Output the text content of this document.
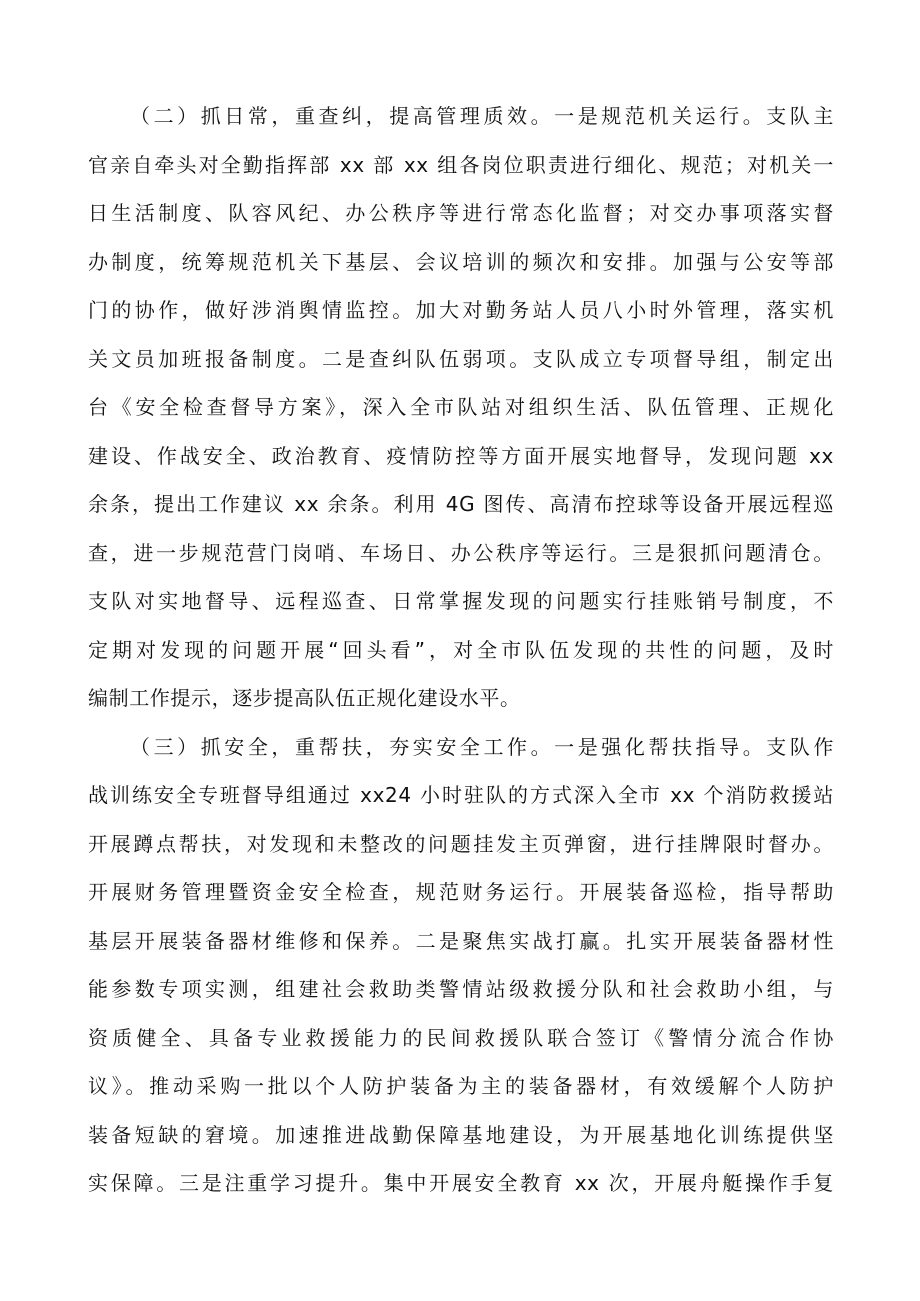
（二）抓日常，重查纠，提高管理质效。一是规范机关运行。支队主
官亲自牵头对全勤指挥部 xx 部 xx 组各岗位职责进行细化、规范；对机关一
日生活制度、队容风纪、办公秩序等进行常态化监督；对交办事项落实督
办制度，统筹规范机关下基层、会议培训的频次和安排。加强与公安等部
门的协作，做好涉消舆情监控。加大对勤务站人员八小时外管理，落实机
关文员加班报备制度。二是查纠队伍弱项。支队成立专项督导组，制定出
台《安全检查督导方案》，深入全市队站对组织生活、队伍管理、正规化
建设、作战安全、政治教育、疫情防控等方面开展实地督导，发现问题 xx
余条，提出工作建议 xx 余条。利用 4G 图传、高清布控球等设备开展远程巡
查，进一步规范营门岗哨、车场日、办公秩序等运行。三是狠抓问题清仓。
支队对实地督导、远程巡查、日常掌握发现的问题实行挂账销号制度，不
定期对发现的问题开展“回头看”，对全市队伍发现的共性的问题，及时
编制工作提示，逐步提高队伍正规化建设水平。
（三）抓安全，重帮扶，夯实安全工作。一是强化帮扶指导。支队作
战训练安全专班督导组通过 xx24 小时驻队的方式深入全市 xx 个消防救援站
开展蹲点帮扶，对发现和未整改的问题挂发主页弹窗，进行挂牌限时督办。
开展财务管理暨资金安全检查，规范财务运行。开展装备巡检，指导帮助
基层开展装备器材维修和保养。二是聚焦实战打赢。扎实开展装备器材性
能参数专项实测，组建社会救助类警情站级救援分队和社会救助小组，与
资质健全、具备专业救援能力的民间救援队联合签订《警情分流合作协
议》。推动采购一批以个人防护装备为主的装备器材，有效缓解个人防护
装备短缺的窘境。加速推进战勤保障基地建设，为开展基地化训练提供坚
实保障。三是注重学习提升。集中开展安全教育 xx 次，开展舟艇操作手复
